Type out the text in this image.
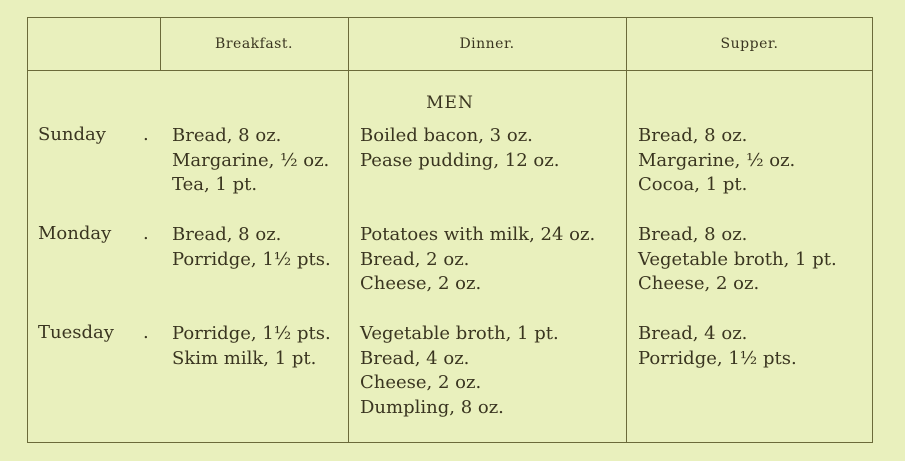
Breakfast.	Dinner.	Supper.
MEN
Sunday . Bread, 8 oz.
Margarine, ½ oz.
Tea, 1 pt.
Boiled bacon, 3 oz.
Pease pudding, 12 oz.
Bread, 8 oz.
Margarine, ½ oz.
Cocoa, 1 pt.
Monday . Bread, 8 oz.
Porridge, 1½ pts.
Potatoes with milk, 24 oz.
Bread, 2 oz.
Cheese, 2 oz.
Bread, 8 oz.
Vegetable broth, 1 pt.
Cheese, 2 oz.
Tuesday . Porridge, 1½ pts.
Skim milk, 1 pt.
Vegetable broth, 1 pt.
Bread, 4 oz.
Cheese, 2 oz.
Dumpling, 8 oz.
Bread, 4 oz.
Porridge, 1½ pts.
